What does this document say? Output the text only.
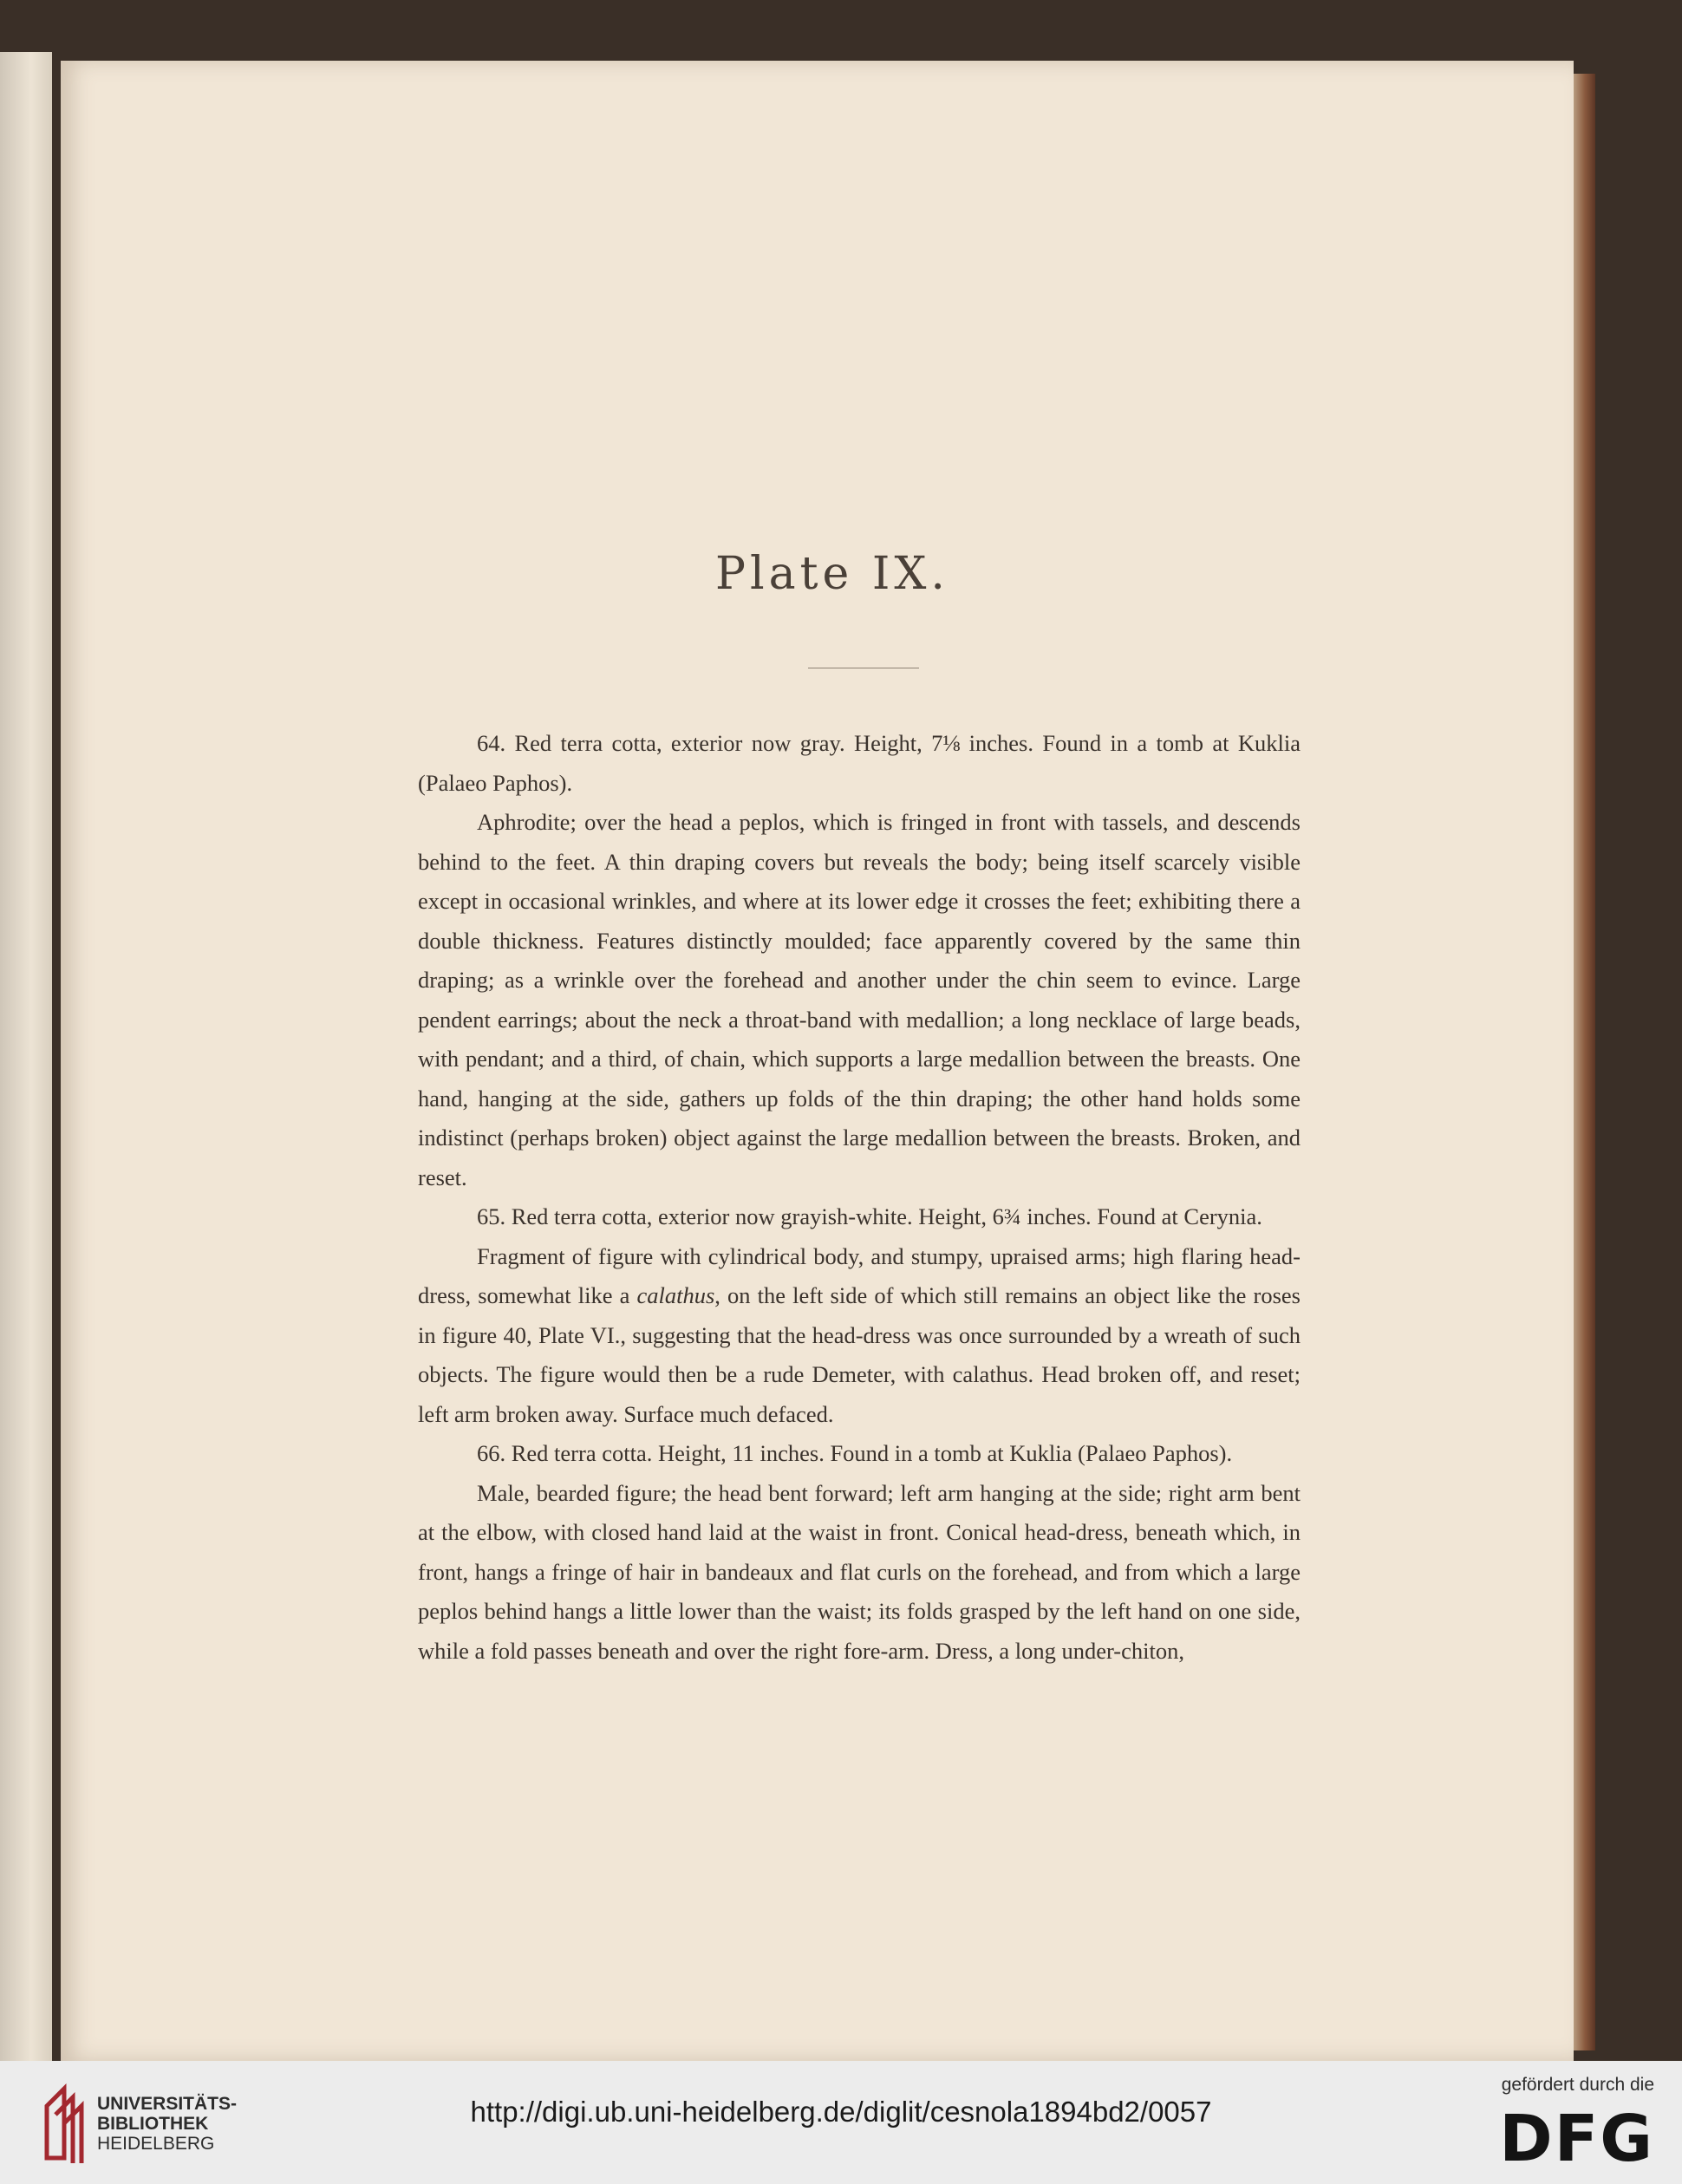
Plate IX.

64. Red terra cotta, exterior now gray. Height, 7⅛ inches. Found in a tomb at Kuklia (Palaeo Paphos).

Aphrodite; over the head a peplos, which is fringed in front with tassels, and descends behind to the feet. A thin draping covers but reveals the body; being itself scarcely visible except in occasional wrinkles, and where at its lower edge it crosses the feet; exhibiting there a double thickness. Features distinctly moulded; face apparently covered by the same thin draping; as a wrinkle over the forehead and another under the chin seem to evince. Large pendent earrings; about the neck a throat-band with medallion; a long necklace of large beads, with pendant; and a third, of chain, which supports a large medallion between the breasts. One hand, hanging at the side, gathers up folds of the thin draping; the other hand holds some indistinct (perhaps broken) object against the large medallion between the breasts. Broken, and reset.

65. Red terra cotta, exterior now grayish-white. Height, 6¾ inches. Found at Cerynia.

Fragment of figure with cylindrical body, and stumpy, upraised arms; high flaring head-dress, somewhat like a calathus, on the left side of which still remains an object like the roses in figure 40, Plate VI., suggesting that the head-dress was once surrounded by a wreath of such objects. The figure would then be a rude Demeter, with calathus. Head broken off, and reset; left arm broken away. Surface much defaced.

66. Red terra cotta. Height, 11 inches. Found in a tomb at Kuklia (Palaeo Paphos).

Male, bearded figure; the head bent forward; left arm hanging at the side; right arm bent at the elbow, with closed hand laid at the waist in front. Conical head-dress, beneath which, in front, hangs a fringe of hair in bandeaux and flat curls on the forehead, and from which a large peplos behind hangs a little lower than the waist; its folds grasped by the left hand on one side, while a fold passes beneath and over the right fore-arm. Dress, a long under-chiton,

UNIVERSITÄTS-
BIBLIOTHEK
HEIDELBERG
http://digi.ub.uni-heidelberg.de/diglit/cesnola1894bd2/0057
gefördert durch die
DFG
